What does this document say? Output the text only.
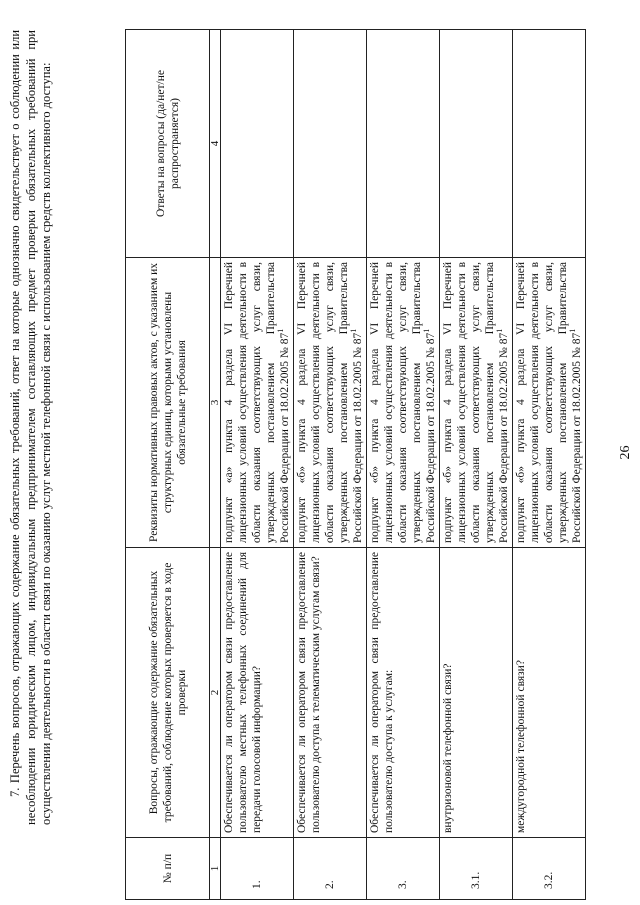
26

7. Перечень вопросов, отражающих содержание обязательных требований, ответ на которые однозначно свидетельствует о соблюдении или несоблюдении юридическим лицом, индивидуальным предпринимателем составляющих предмет проверки обязательных требований при осуществлении деятельности в области связи по оказанию услуг местной телефонной связи с использованием средств коллективного доступа:

№ п/п	Вопросы, отражающие содержание обязательных требований, соблюдение которых проверяется в ходе проверки	Реквизиты нормативных правовых актов, с указанием их структурных единиц, которыми установлены обязательные требования	Ответы на вопросы (да/нет/не распространяется)
1	2	3	4
1.	Обеспечивается ли оператором связи предоставление пользователю местных телефонных соединений для передачи голосовой информации?	подпункт «а» пункта 4 раздела VI Перечней лицензионных условий осуществления деятельности в области оказания соответствующих услуг связи, утвержденных постановлением Правительства Российской Федерации от 18.02.2005 № $87^1$	
2.	Обеспечивается ли оператором связи предоставление пользователю доступа к телематическим услугам связи?	подпункт «б» пункта 4 раздела VI Перечней лицензионных условий осуществления деятельности в области оказания соответствующих услуг связи, утвержденных постановлением Правительства Российской Федерации от 18.02.2005 № $87^1$	
3.	Обеспечивается ли оператором связи предоставление пользователю доступа к услугам:	подпункт «б» пункта 4 раздела VI Перечней лицензионных условий осуществления деятельности в области оказания соответствующих услуг связи, утвержденных постановлением Правительства Российской Федерации от 18.02.2005 № $87^1$	
3.1.	внутризоновой телефонной связи?	подпункт «б» пункта 4 раздела VI Перечней лицензионных условий осуществления деятельности в области оказания соответствующих услуг связи, утвержденных постановлением Правительства Российской Федерации от 18.02.2005 № $87^1$	
3.2.	междугородной телефонной связи?	подпункт «б» пункта 4 раздела VI Перечней лицензионных условий осуществления деятельности в области оказания соответствующих услуг связи, утвержденных постановлением Правительства Российской Федерации от 18.02.2005 № $87^1$	
